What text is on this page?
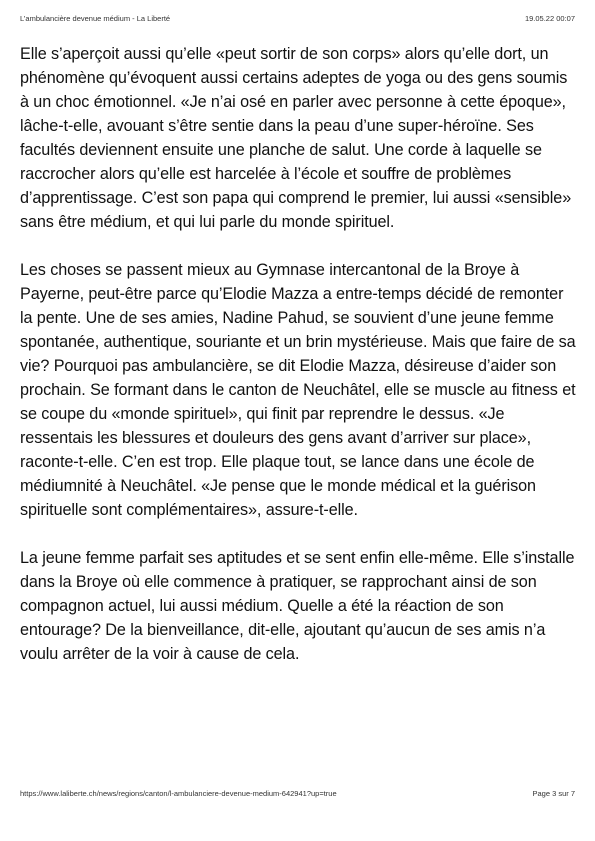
L’ambulancière devenue médium - La Liberté	19.05.22 00:07

Elle s’aperçoit aussi qu’elle «peut sortir de son corps» alors qu’elle dort, un phénomène qu’évoquent aussi certains adeptes de yoga ou des gens soumis à un choc émotionnel. «Je n’ai osé en parler avec personne à cette époque», lâche-t-elle, avouant s’être sentie dans la peau d’une super-héroïne. Ses facultés deviennent ensuite une planche de salut. Une corde à laquelle se raccrocher alors qu’elle est harcelée à l’école et souffre de problèmes d’apprentissage. C’est son papa qui comprend le premier, lui aussi «sensible» sans être médium, et qui lui parle du monde spirituel.

Les choses se passent mieux au Gymnase intercantonal de la Broye à Payerne, peut-être parce qu’Elodie Mazza a entre-temps décidé de remonter la pente. Une de ses amies, Nadine Pahud, se souvient d’une jeune femme spontanée, authentique, souriante et un brin mystérieuse. Mais que faire de sa vie? Pourquoi pas ambulancière, se dit Elodie Mazza, désireuse d’aider son prochain. Se formant dans le canton de Neuchâtel, elle se muscle au fitness et se coupe du «monde spirituel», qui finit par reprendre le dessus. «Je ressentais les blessures et douleurs des gens avant d’arriver sur place», raconte-t-elle. C’en est trop. Elle plaque tout, se lance dans une école de médiumnité à Neuchâtel. «Je pense que le monde médical et la guérison spirituelle sont complémentaires», assure-t-elle.

La jeune femme parfait ses aptitudes et se sent enfin elle-même. Elle s’installe dans la Broye où elle commence à pratiquer, se rapprochant ainsi de son compagnon actuel, lui aussi médium. Quelle a été la réaction de son entourage? De la bienveillance, dit-elle, ajoutant qu’aucun de ses amis n’a voulu arrêter de la voir à cause de cela.

https://www.laliberte.ch/news/regions/canton/l-ambulanciere-devenue-medium-642941?up=true	Page 3 sur 7
